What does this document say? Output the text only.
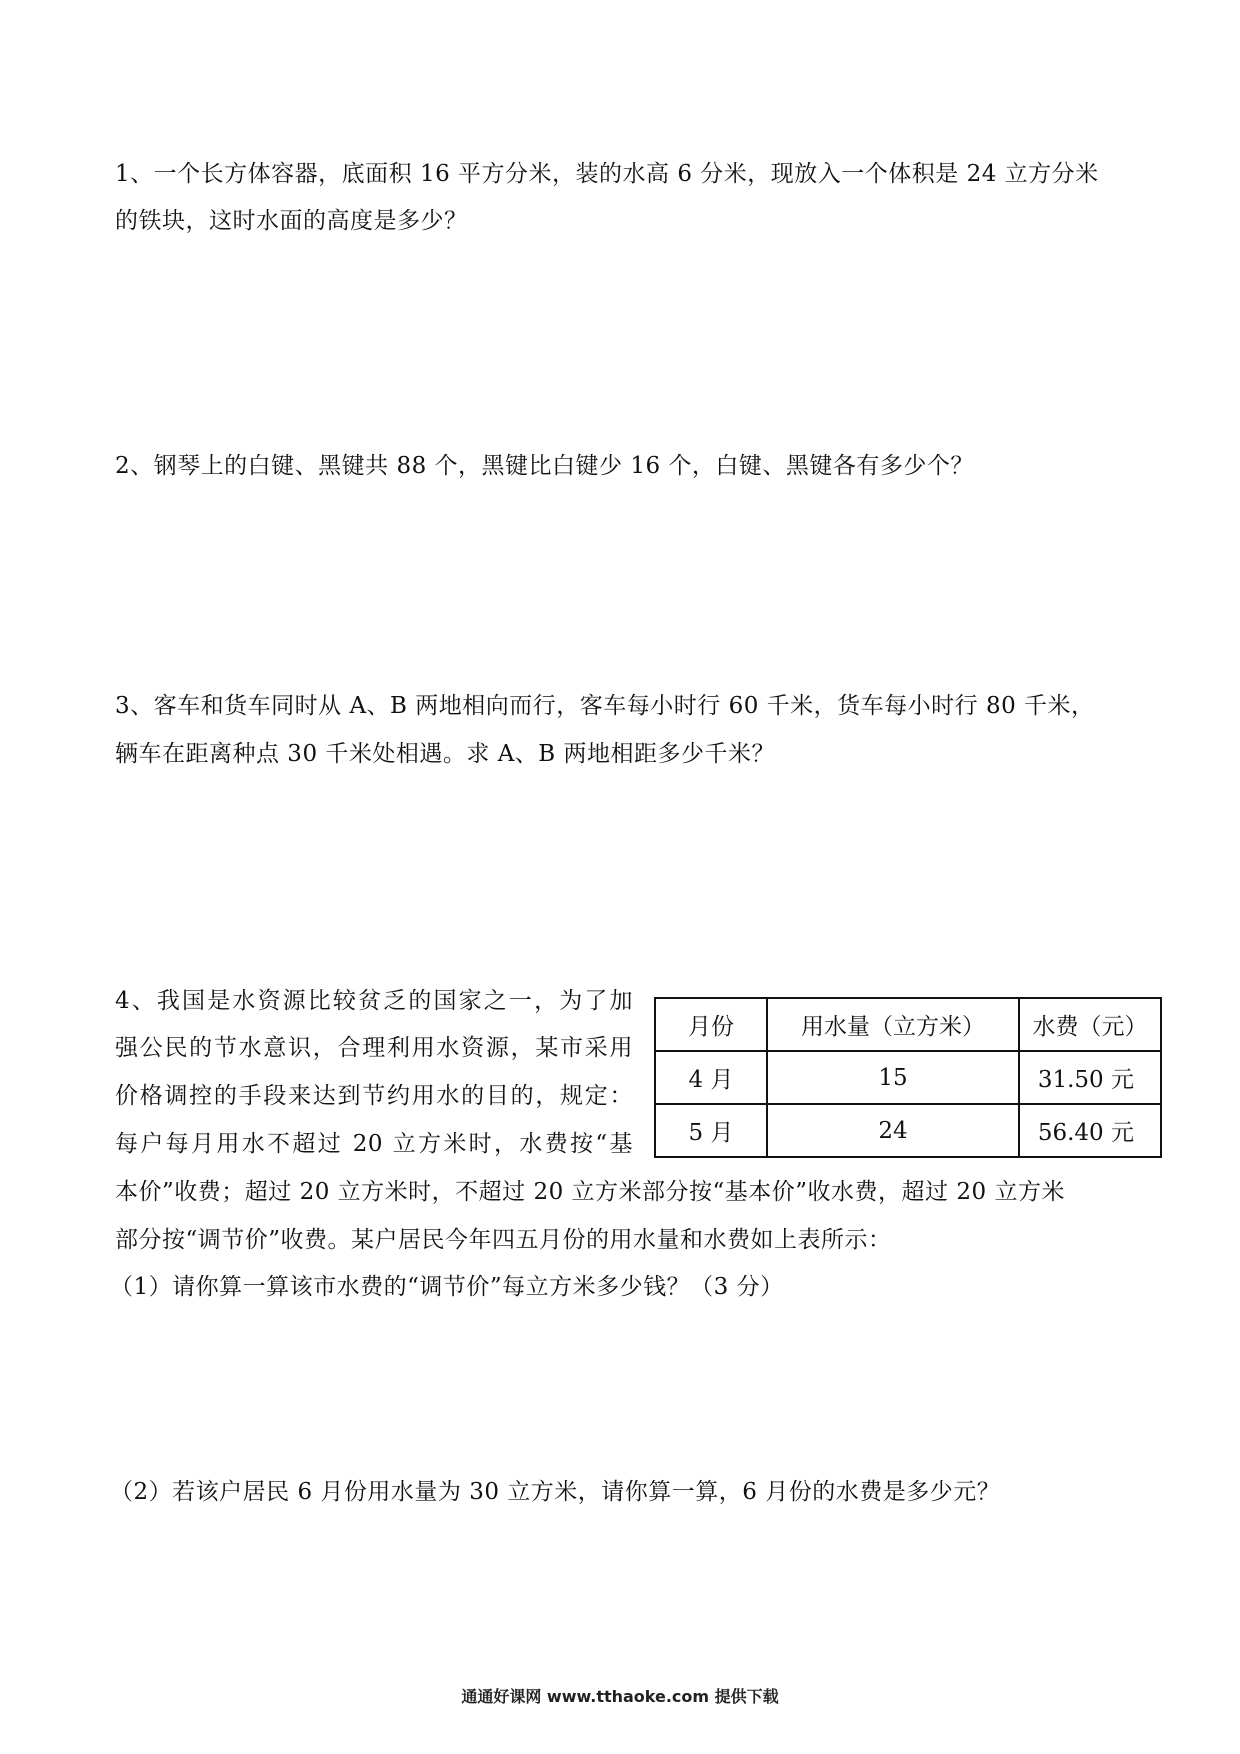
1、一个长方体容器，底面积 16 平方分米，装的水高 6 分米，现放入一个体积是 24 立方分米
的铁块，这时水面的高度是多少？
2、钢琴上的白键、黑键共 88 个，黑键比白键少 16 个，白键、黑键各有多少个？
3、客车和货车同时从 A、B 两地相向而行，客车每小时行 60 千米，货车每小时行 80 千米，
辆车在距离种点 30 千米处相遇。求 A、B 两地相距多少千米？
4、我国是水资源比较贫乏的国家之一，为了加
强公民的节水意识，合理利用水资源，某市采用
价格调控的手段来达到节约用水的目的，规定：
每户每月用水不超过 20 立方米时，水费按“基
本价”收费；超过 20 立方米时，不超过 20 立方米部分按“基本价”收水费，超过 20 立方米
部分按“调节价”收费。某户居民今年四五月份的用水量和水费如上表所示：
（1）请你算一算该市水费的“调节价”每立方米多少钱？（3 分）
（2）若该户居民 6 月份用水量为 30 立方米，请你算一算，6 月份的水费是多少元？
月份	用水量（立方米）	水费（元）
4 月	15	31.50 元
5 月	24	56.40 元
通通好课网 www.tthaoke.com 提供下载
